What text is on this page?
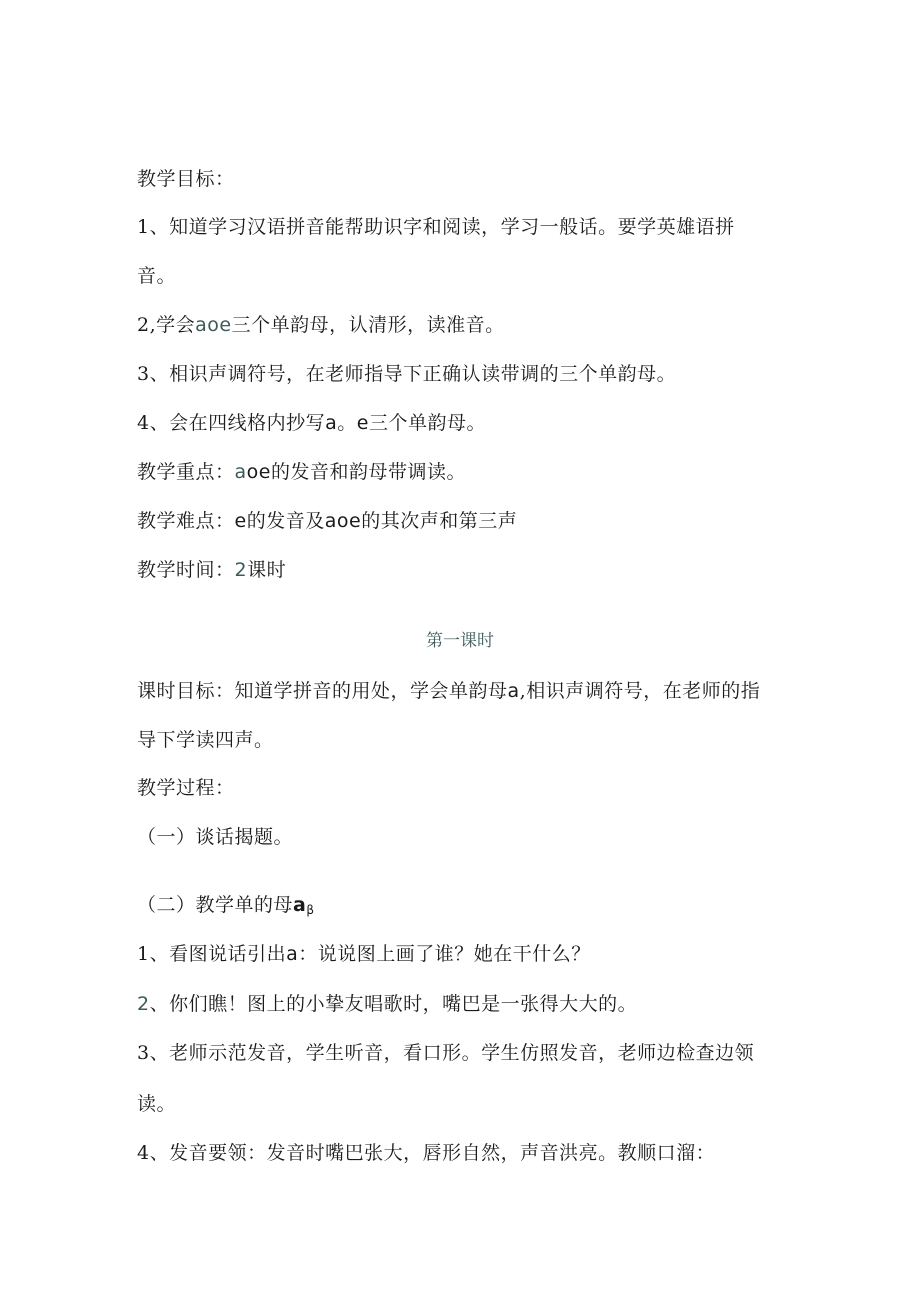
教学目标：
1、知道学习汉语拼音能帮助识字和阅读，学习一般话。要学英雄语拼
音。
2,学会aoe三个单韵母，认清形，读准音。
3、相识声调符号，在老师指导下正确认读带调的三个单韵母。
4、会在四线格内抄写a。e三个单韵母。
教学重点：aoe的发音和韵母带调读。
教学难点：e的发音及aoe的其次声和第三声
教学时间：2课时
第一课时
课时目标：知道学拼音的用处，学会单韵母a,相识声调符号，在老师的指
导下学读四声。
教学过程：
（一）谈话揭题。
（二）教学单的母$a_\beta$
1、看图说话引出a：说说图上画了谁？她在干什么？
2、你们瞧！图上的小挚友唱歌时，嘴巴是一张得大大的。
3、老师示范发音，学生听音，看口形。学生仿照发音，老师边检查边领
读。
4、发音要领：发音时嘴巴张大，唇形自然，声音洪亮。教顺口溜：
